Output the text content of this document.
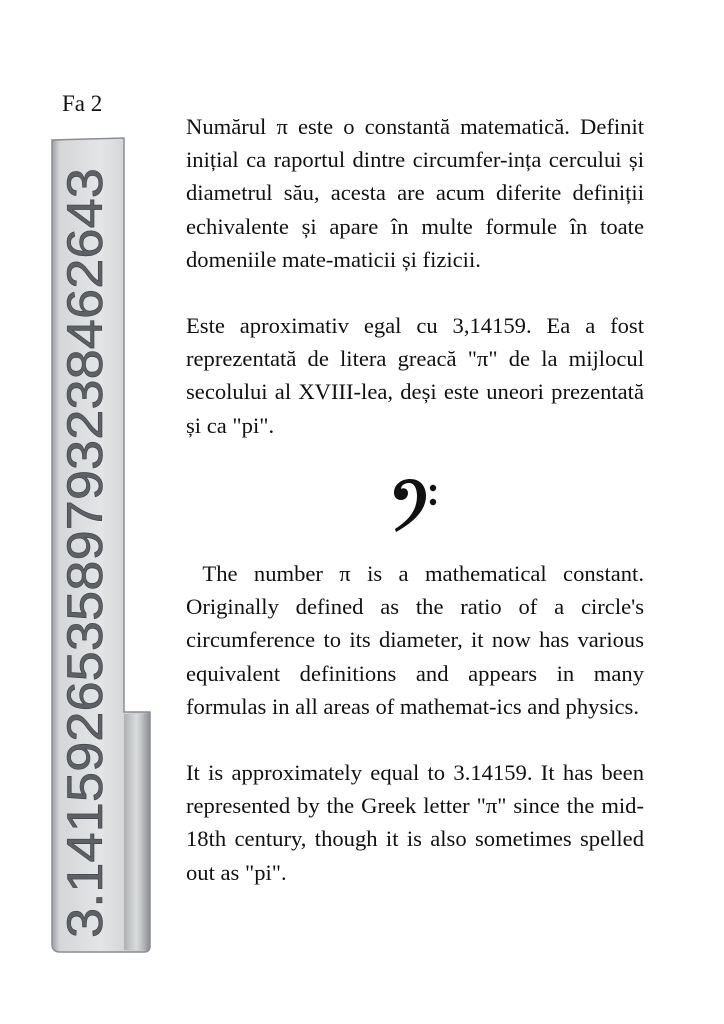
Fa 2
3.141592653589793238462643

Numărul π este o constantă matematică. Definit inițial ca raportul dintre circumfer-ința cercului și diametrul său, acesta are acum diferite definiții echivalente și apare în multe formule în toate domeniile mate-maticii și fizicii.

Este aproximativ egal cu 3,14159. Ea a fost reprezentată de litera greacă "π" de la mijlocul secolului al XVIII-lea, deși este uneori prezentată și ca "pi".

The number π is a mathematical constant. Originally defined as the ratio of a circle's circumference to its diameter, it now has various equivalent definitions and appears in many formulas in all areas of mathemat-ics and physics.

It is approximately equal to 3.14159. It has been represented by the Greek letter "π" since the mid-18th century, though it is also sometimes spelled out as "pi".
